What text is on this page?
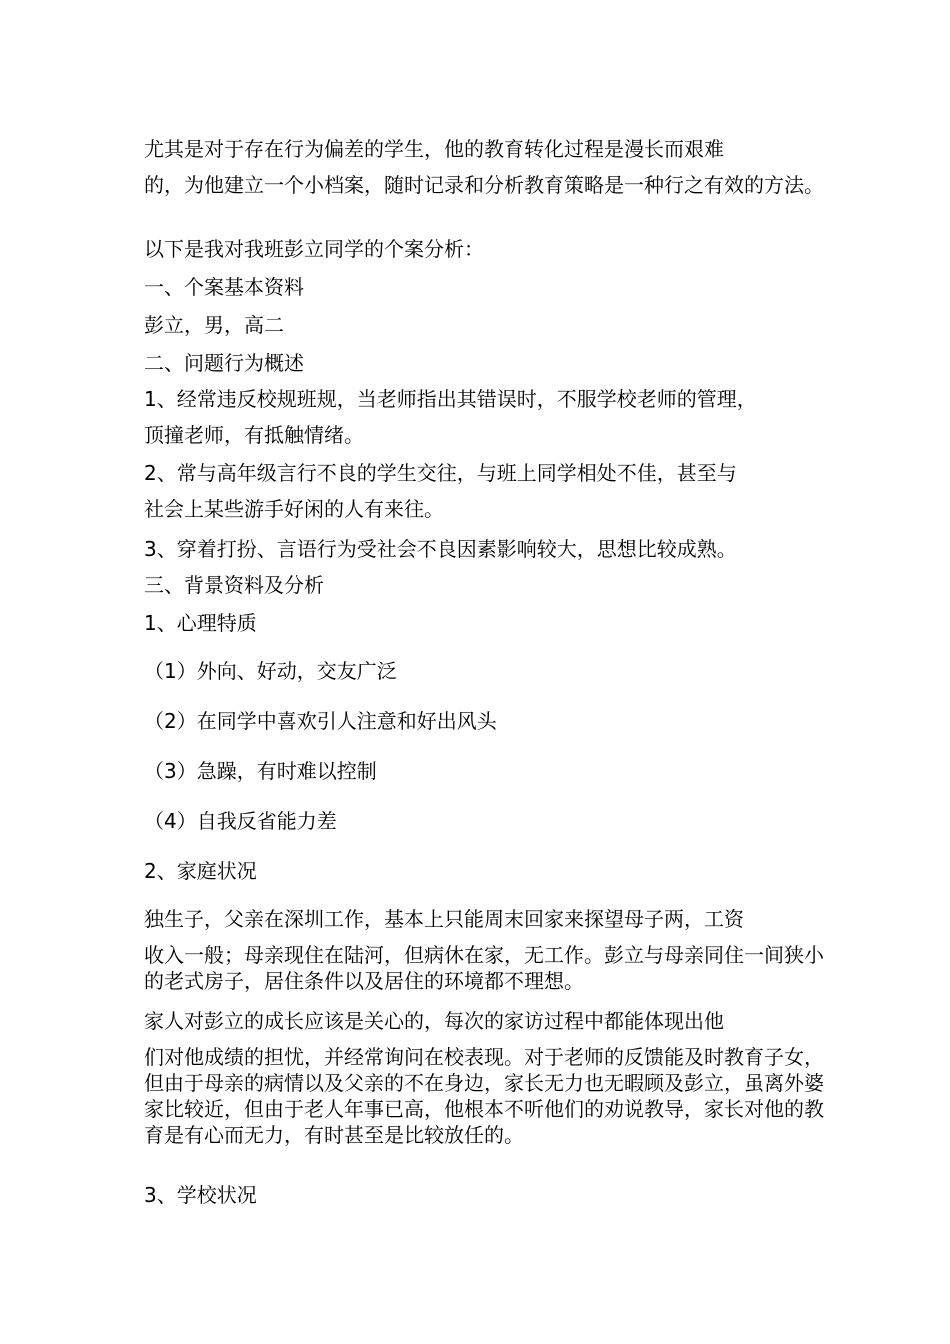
尤其是对于存在行为偏差的学生，他的教育转化过程是漫长而艰难
的，为他建立一个小档案，随时记录和分析教育策略是一种行之有效的方法。
以下是我对我班彭立同学的个案分析：
一、个案基本资料
彭立，男，高二
二、问题行为概述
1、经常违反校规班规，当老师指出其错误时，不服学校老师的管理，
顶撞老师，有抵触情绪。
2、常与高年级言行不良的学生交往，与班上同学相处不佳，甚至与
社会上某些游手好闲的人有来往。
3、穿着打扮、言语行为受社会不良因素影响较大，思想比较成熟。
三、背景资料及分析
1、心理特质
（1）外向、好动，交友广泛
（2）在同学中喜欢引人注意和好出风头
（3）急躁，有时难以控制
（4）自我反省能力差
2、家庭状况
独生子，父亲在深圳工作，基本上只能周末回家来探望母子两，工资
收入一般；母亲现住在陆河，但病休在家，无工作。彭立与母亲同住一间狭小的老式房子，居住条件以及居住的环境都不理想。
家人对彭立的成长应该是关心的，每次的家访过程中都能体现出他
们对他成绩的担忧，并经常询问在校表现。对于老师的反馈能及时教育子女，但由于母亲的病情以及父亲的不在身边，家长无力也无暇顾及彭立，虽离外婆家比较近，但由于老人年事已高，他根本不听他们的劝说教导，家长对他的教育是有心而无力，有时甚至是比较放任的。
3、学校状况
